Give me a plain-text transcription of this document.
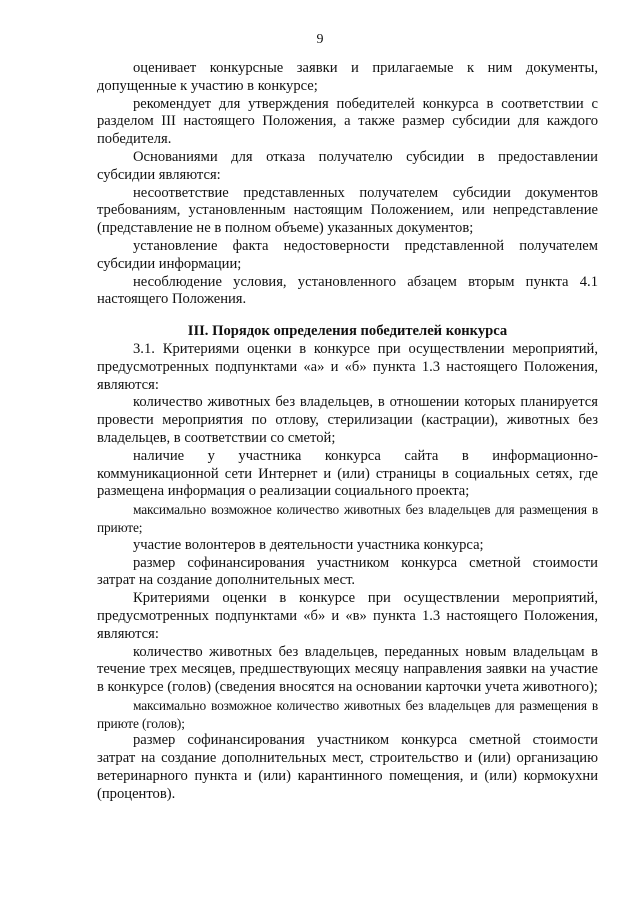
9

оценивает конкурсные заявки и прилагаемые к ним документы, допущенные к участию в конкурсе;

рекомендует для утверждения победителей конкурса в соответствии с разделом III настоящего Положения, а также размер субсидии для каждого победителя.

Основаниями для отказа получателю субсидии в предоставлении субсидии являются:

несоответствие представленных получателем субсидии документов требованиям, установленным настоящим Положением, или непредставление (представление не в полном объеме) указанных документов;

установление факта недостоверности представленной получателем субсидии информации;

несоблюдение условия, установленного абзацем вторым пункта 4.1 настоящего Положения.

III. Порядок определения победителей конкурса

3.1. Критериями оценки в конкурсе при осуществлении мероприятий, предусмотренных подпунктами «а» и «б» пункта 1.3 настоящего Положения, являются:

количество животных без владельцев, в отношении которых планируется провести мероприятия по отлову, стерилизации (кастрации), животных без владельцев, в соответствии со сметой;

наличие у участника конкурса сайта в информационно-коммуникационной сети Интернет и (или) страницы в социальных сетях, где размещена информация о реализации социального проекта;

максимально возможное количество животных без владельцев для размещения в приюте;

участие волонтеров в деятельности участника конкурса;

размер софинансирования участником конкурса сметной стоимости затрат на создание дополнительных мест.

Критериями оценки в конкурсе при осуществлении мероприятий, предусмотренных подпунктами «б» и «в» пункта 1.3 настоящего Положения, являются:

количество животных без владельцев, переданных новым владельцам в течение трех месяцев, предшествующих месяцу направления заявки на участие в конкурсе (голов) (сведения вносятся на основании карточки учета животного);

максимально возможное количество животных без владельцев для размещения в приюте (голов);

размер софинансирования участником конкурса сметной стоимости затрат на создание дополнительных мест, строительство и (или) организацию ветеринарного пункта и (или) карантинного помещения, и (или) кормокухни (процентов).
